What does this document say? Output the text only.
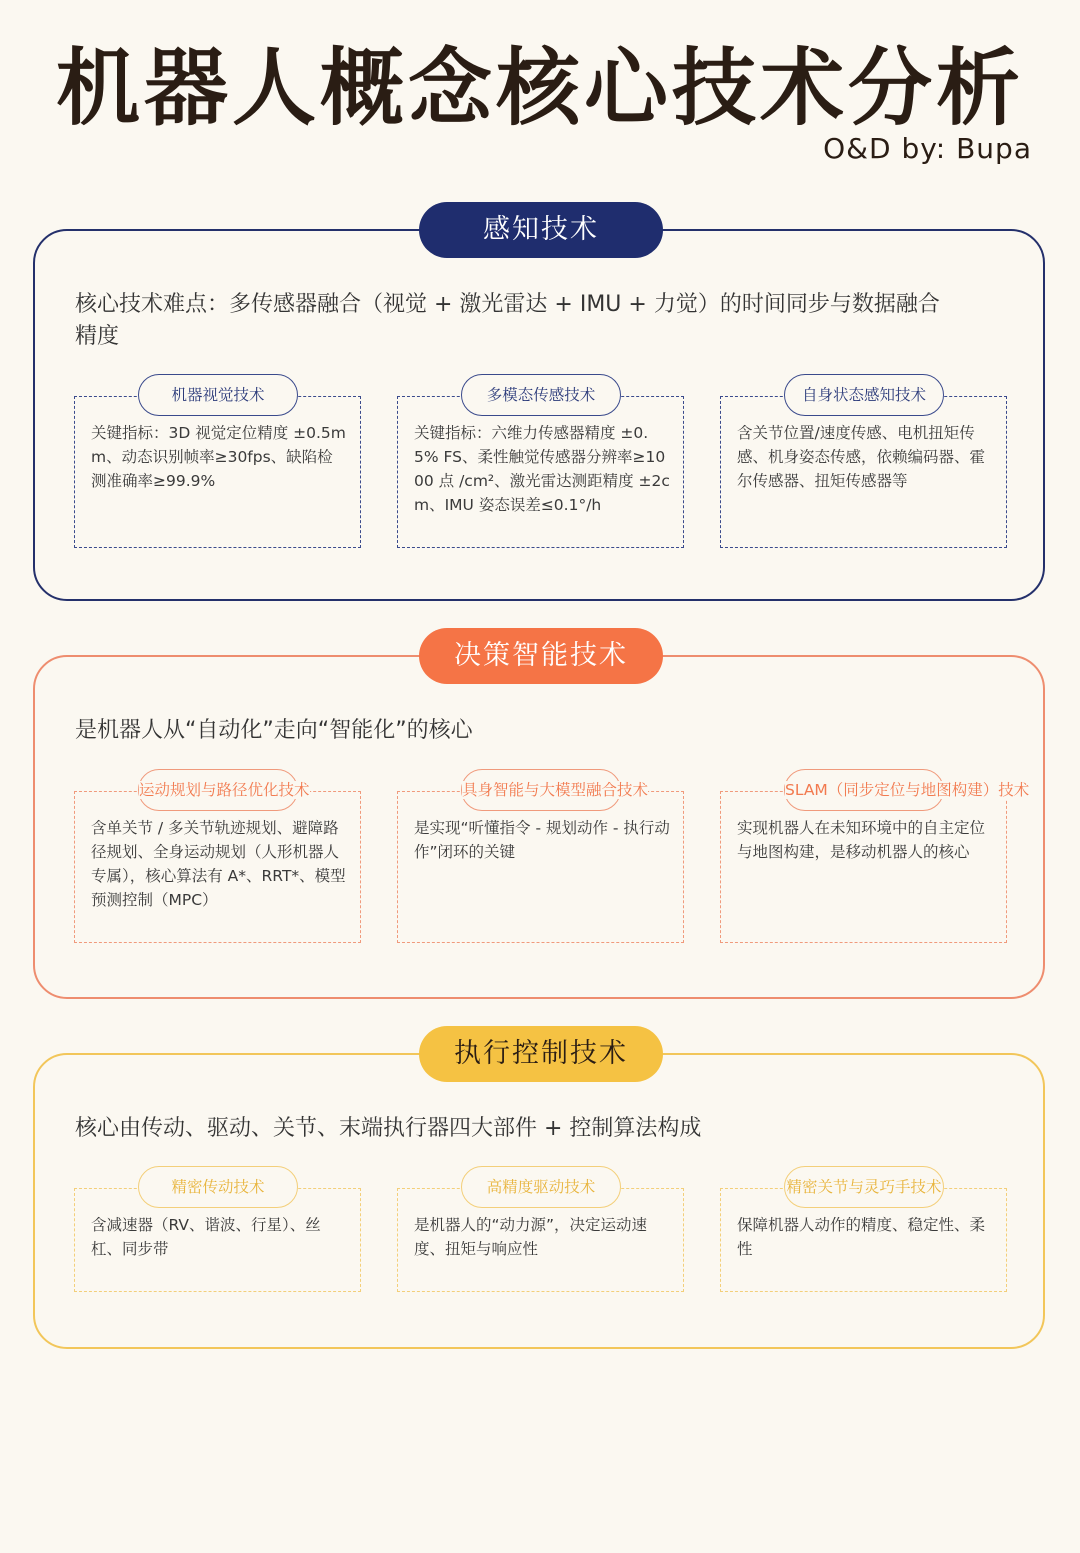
机器人概念核心技术分析
O&D by: Bupa
感知技术
核心技术难点：多传感器融合（视觉 + 激光雷达 + IMU + 力觉）的时间同步与数据融合精度
机器视觉技术
关键指标：3D 视觉定位精度 ±0.5mm、动态识别帧率≥30fps、缺陷检测准确率≥99.9%
多模态传感技术
关键指标：六维力传感器精度 ±0.5% FS、柔性触觉传感器分辨率≥1000 点 /cm²、激光雷达测距精度 ±2cm、IMU 姿态误差≤0.1°/h
自身状态感知技术
含关节位置/速度传感、电机扭矩传感、机身姿态传感，依赖编码器、霍尔传感器、扭矩传感器等
决策智能技术
是机器人从“自动化”走向“智能化”的核心
运动规划与路径优化技术
含单关节 / 多关节轨迹规划、避障路径规划、全身运动规划（人形机器人专属），核心算法有 A*、RRT*、模型预测控制（MPC）
具身智能与大模型融合技术
是实现“听懂指令 - 规划动作 - 执行动作”闭环的关键
SLAM（同步定位与地图构建）技术
实现机器人在未知环境中的自主定位与地图构建，是移动机器人的核心
执行控制技术
核心由传动、驱动、关节、末端执行器四大部件 + 控制算法构成
精密传动技术
含减速器（RV、谐波、行星）、丝杠、同步带
高精度驱动技术
是机器人的“动力源”，决定运动速度、扭矩与响应性
精密关节与灵巧手技术
保障机器人动作的精度、稳定性、柔性
